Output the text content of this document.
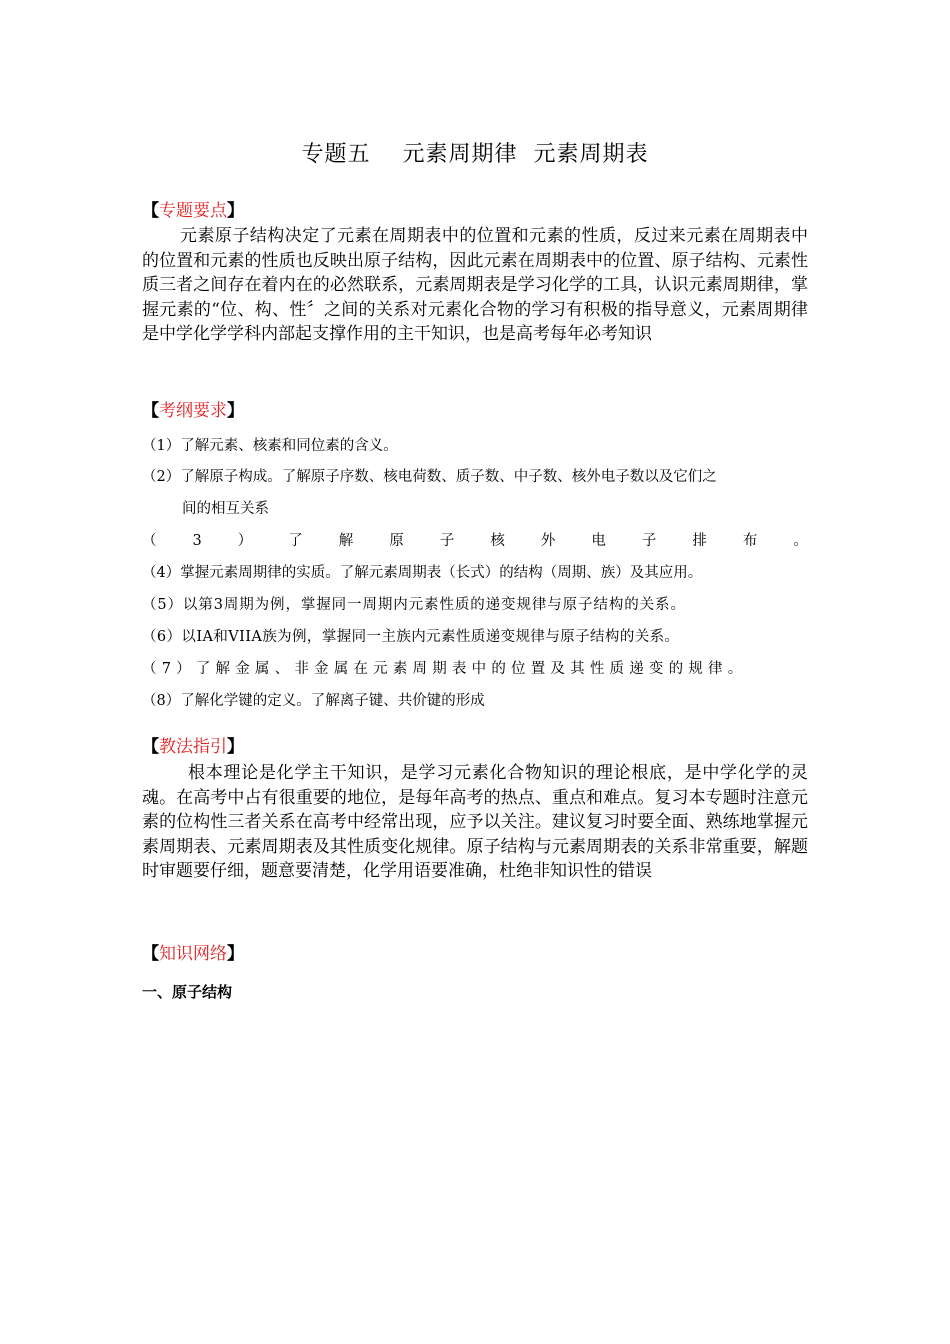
专题五    元素周期律  元素周期表
【专题要点】
元素原子结构决定了元素在周期表中的位置和元素的性质，反过来元素在周期表中的位置和元素的性质也反映出原子结构，因此元素在周期表中的位置、原子结构、元素性质三者之间存在着内在的必然联系，元素周期表是学习化学的工具，认识元素周期律，掌握元素的“位、构、性〞之间的关系对元素化合物的学习有积极的指导意义，元素周期律是中学化学学科内部起支撑作用的主干知识，也是高考每年必考知识
【考纲要求】
（1）了解元素、核素和同位素的含义。
（2）了解原子构成。了解原子序数、核电荷数、质子数、中子数、核外电子数以及它们之
间的相互关系
（ 3 ） 了 解 原 子 核 外 电 子 排 布 。
（4）掌握元素周期律的实质。了解元素周期表（长式）的结构（周期、族）及其应用。
（5）以第3周期为例，掌握同一周期内元素性质的递变规律与原子结构的关系。
（6）以IA和VIIA族为例，掌握同一主族内元素性质递变规律与原子结构的关系。
（7）了解金属、非金属在元素周期表中的位置及其性质递变的规律。
（8）了解化学键的定义。了解离子键、共价键的形成
【教法指引】
根本理论是化学主干知识，是学习元素化合物知识的理论根底，是中学化学的灵魂。在高考中占有很重要的地位，是每年高考的热点、重点和难点。复习本专题时注意元素的位构性三者关系在高考中经常出现，应予以关注。建议复习时要全面、熟练地掌握元素周期表、元素周期表及其性质变化规律。原子结构与元素周期表的关系非常重要，解题时审题要仔细，题意要清楚，化学用语要准确，杜绝非知识性的错误
【知识网络】
一、原子结构
